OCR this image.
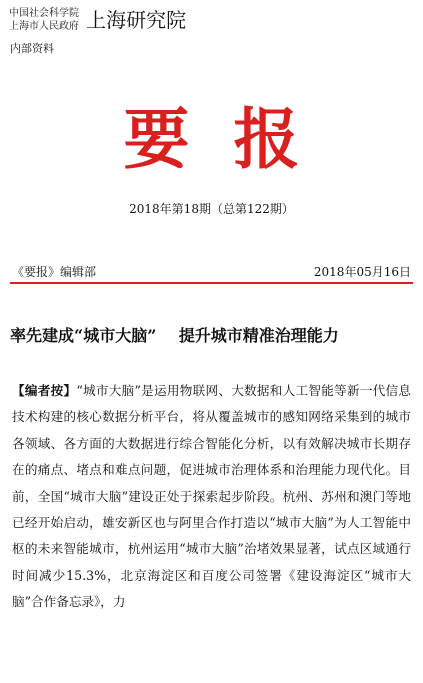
中国社会科学院
上海市人民政府 上海研究院
内部资料
要报
2018年第18期（总第122期）
《要报》编辑部	2018年05月16日
率先建成“城市大脑”    提升城市精准治理能力
【编者按】“城市大脑”是运用物联网、大数据和人工智能等新一代信息技术构建的核心数据分析平台，将从覆盖城市的感知网络采集到的城市各领域、各方面的大数据进行综合智能化分析，以有效解决城市长期存在的痛点、堵点和难点问题，促进城市治理体系和治理能力现代化。目前，全国“城市大脑”建设正处于探索起步阶段。杭州、苏州和澳门等地已经开始启动，雄安新区也与阿里合作打造以“城市大脑”为人工智能中枢的未来智能城市，杭州运用“城市大脑”治堵效果显著，试点区域通行时间减少15.3%，北京海淀区和百度公司签署《建设海淀区“城市大脑”合作备忘录》，力
